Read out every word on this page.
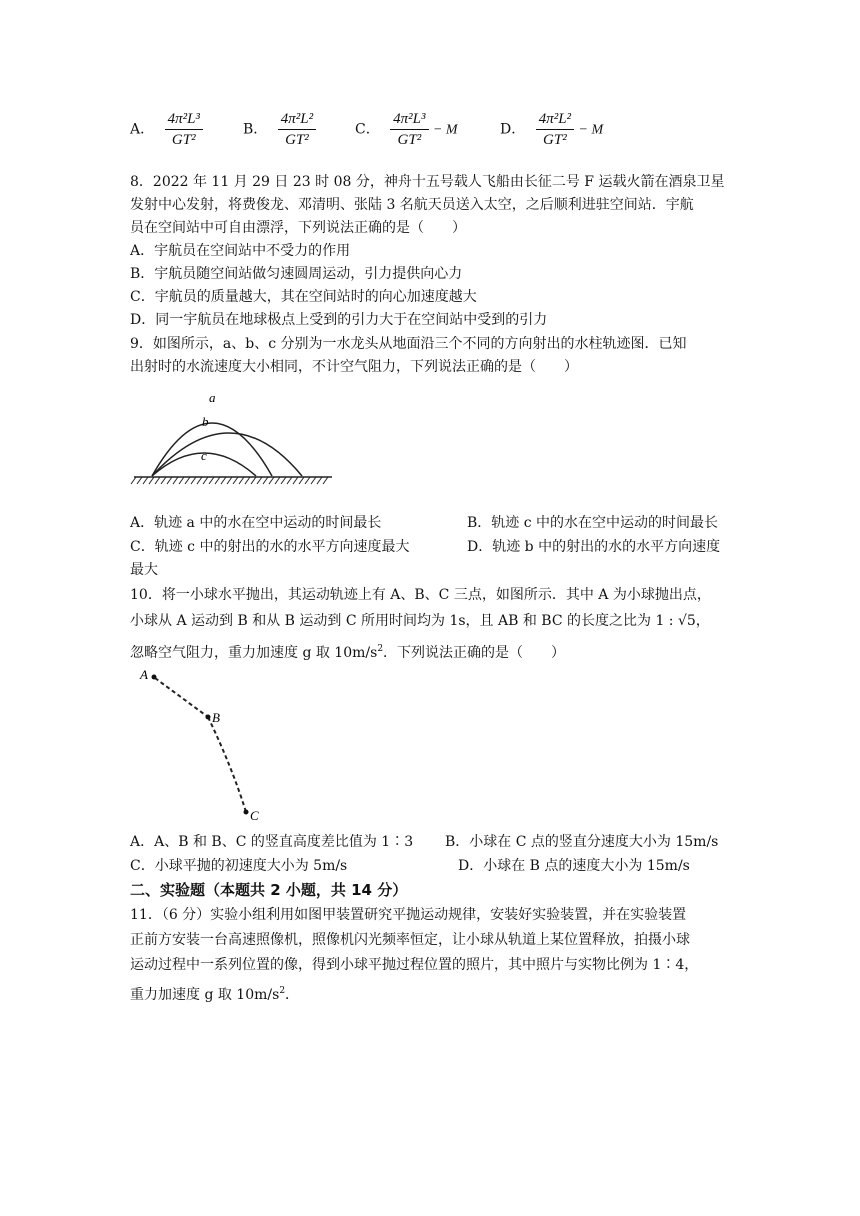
A． $\frac{\text{4π²L³}}{\text{GT²}}$	B． $\frac{\text{4π²L²}}{\text{GT²}}$	C． $\frac{\text{4π²L³}}{\text{GT²}} - M$	D． $\frac{\text{4π²L²}}{\text{GT²}} - M$
8．2022 年 11 月 29 日 23 时 08 分，神舟十五号载人飞船由长征二号 F 运载火箭在酒泉卫星
发射中心发射，将费俊龙、邓清明、张陆 3 名航天员送入太空，之后顺利进驻空间站．宇航
员在空间站中可自由漂浮，下列说法正确的是（　　）
A．宇航员在空间站中不受力的作用
B．宇航员随空间站做匀速圆周运动，引力提供向心力
C．宇航员的质量越大，其在空间站时的向心加速度越大
D．同一宇航员在地球极点上受到的引力大于在空间站中受到的引力
9．如图所示，a、b、c 分别为一水龙头从地面沿三个不同的方向射出的水柱轨迹图．已知
出射时的水流速度大小相同，不计空气阻力，下列说法正确的是（　　）
a
b
c
A．轨迹 a 中的水在空中运动的时间最长	B．轨迹 c 中的水在空中运动的时间最长
C．轨迹 c 中的射出的水的水平方向速度最大	D．轨迹 b 中的射出的水的水平方向速度
最大
10．将一小球水平抛出，其运动轨迹上有 A、B、C 三点，如图所示．其中 A 为小球抛出点，
小球从 A 运动到 B 和从 B 运动到 C 所用时间均为 1s，且 AB 和 BC 的长度之比为 1 : √5，
忽略空气阻力，重力加速度 g 取 $10m/s^2$．下列说法正确的是（　　）
A
B
C
A．A、B 和 B、C 的竖直高度差比值为 1∶3 B．小球在 C 点的竖直分速度大小为 15m/s
C．小球平抛的初速度大小为 5m/s	D．小球在 B 点的速度大小为 15m/s
二、实验题（本题共 2 小题，共 14 分）
11．（6 分）实验小组利用如图甲装置研究平抛运动规律，安装好实验装置，并在实验装置
正前方安装一台高速照像机，照像机闪光频率恒定，让小球从轨道上某位置释放，拍摄小球
运动过程中一系列位置的像，得到小球平抛过程位置的照片，其中照片与实物比例为 1∶4，
重力加速度 g 取 $10m/s^2$．
